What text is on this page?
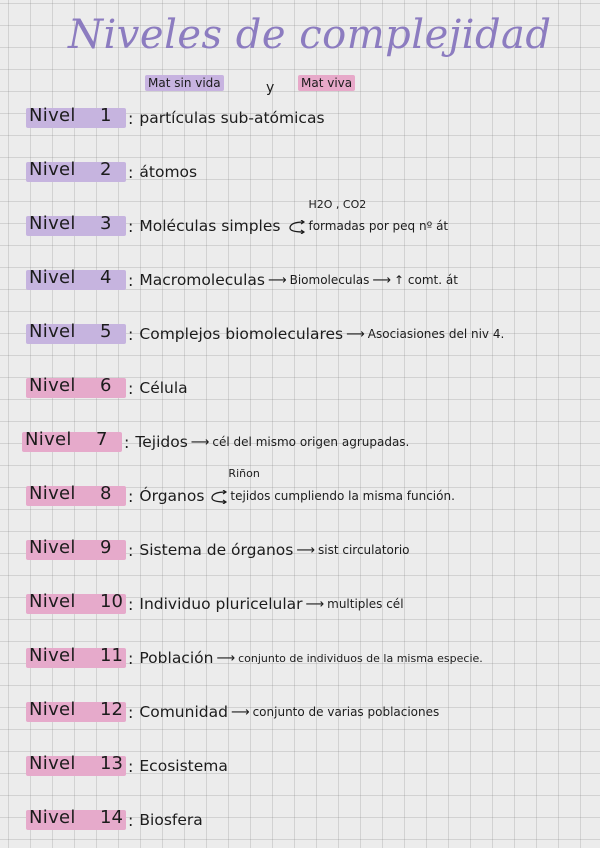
Niveles de complejidad
Mat sin vida	y Mat viva
Nivel 1 : partículas sub-atómicas
Nivel 2 : átomos
Nivel 3 : Moléculas simples
H2O , CO2
formadas por peq nº át
Nivel 4 : Macromoleculas ⟶ Biomoleculas ⟶ ↑ comt. át
Nivel 5 : Complejos biomoleculares ⟶ Asociasiones del niv 4.
Nivel 6 : Célula
Nivel 7 : Tejidos ⟶ cél del mismo origen agrupadas.
Nivel 8 : Órganos
Riñon
tejidos cumpliendo la misma función.
Nivel 9 : Sistema de órganos ⟶ sist circulatorio
Nivel 10 : Individuo pluricelular ⟶ multiples cél
Nivel 11 : Población ⟶ conjunto de individuos de la misma especie.
Nivel 12 : Comunidad ⟶ conjunto de varias poblaciones
Nivel 13 : Ecosistema
Nivel 14 : Biosfera
